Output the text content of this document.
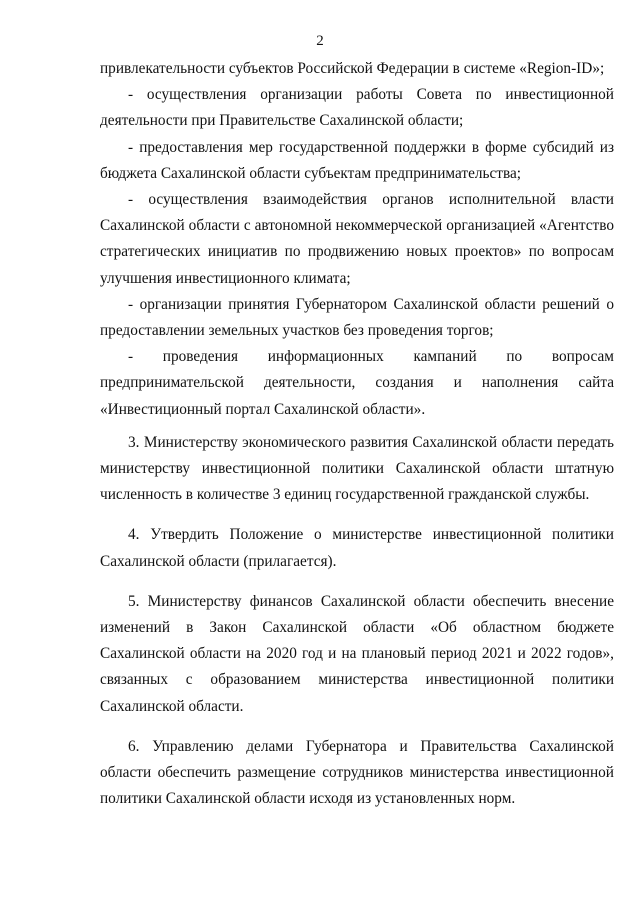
2

привлекательности субъектов Российской Федерации в системе «Region-ID»;

- осуществления организации работы Совета по инвестиционной деятельности при Правительстве Сахалинской области;

- предоставления мер государственной поддержки в форме субсидий из бюджета Сахалинской области субъектам предпринимательства;

- осуществления взаимодействия органов исполнительной власти Сахалинской области с автономной некоммерческой организацией «Агентство стратегических инициатив по продвижению новых проектов» по вопросам улучшения инвестиционного климата;

- организации принятия Губернатором Сахалинской области решений о предоставлении земельных участков без проведения торгов;

- проведения информационных кампаний по вопросам предпринимательской деятельности, создания и наполнения сайта «Инвестиционный портал Сахалинской области».

3. Министерству экономического развития Сахалинской области передать министерству инвестиционной политики Сахалинской области штатную численность в количестве 3 единиц государственной гражданской службы.

4. Утвердить Положение о министерстве инвестиционной политики Сахалинской области (прилагается).

5. Министерству финансов Сахалинской области обеспечить внесение изменений в Закон Сахалинской области «Об областном бюджете Сахалинской области на 2020 год и на плановый период 2021 и 2022 годов», связанных с образованием министерства инвестиционной политики Сахалинской области.

6. Управлению делами Губернатора и Правительства Сахалинской области обеспечить размещение сотрудников министерства инвестиционной политики Сахалинской области исходя из установленных норм.
